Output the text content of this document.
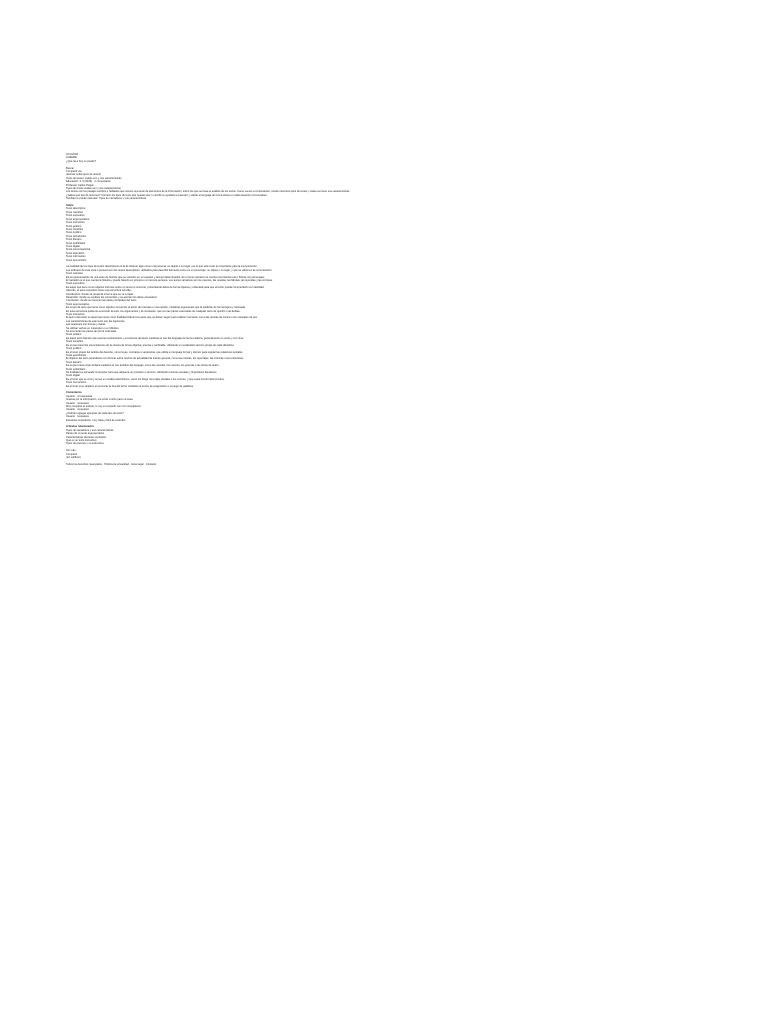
OCULTAR
sinREME
¿Qué tal a hoy no puede?
Buscar
Compartir via
(artículo sobre tipos de textos)
Tipos de textos: cuáles son y sus características
Educación. 4, 5 (2015) · 2 comentarios
Professor Carlos Pulgar...
Tipos de textos cuáles son y sus características
Los textos son los pasajes escritos o hablados que reúnen una serie de elementos de la información, sobre los que se basa el análisis de los textos. Como vemos a continuación, existen diversos tipos de textos y cada uno tiene sus características.
¿Sabes qué tipo de texto leo? Conocer los tipos de texto que puedes leer o escribir te ayudará a entender y utilizar el lenguaje de forma eficaz en cada situación comunicativa.
También te puede interesar: Tipos de narradores y sus características
Índice
Texto descriptivo
Texto narrativo
Texto expositivo
Texto argumentativo
Texto instructivo
Texto poético
Texto científico
Texto jurídico
Texto periodístico
Texto literario
Texto publicitario
Texto digital
Texto conversacional
Texto dramático
Texto informativo
Texto humorístico
La cualidad de los tipos de textos descriptivos es la de detener algo como una persona, un objeto o un lugar, por lo que este texto es importante para la comunicación.
Los atributos de esta cosa o persona son los textos descriptivos, utilizados para describir fielmente cómo es un personaje, un objeto o un lugar, y que se utiliza en la comunicación.
Texto narrativo
Es la representación de una serie de hechos que se suceden en un espacio y tiempo determinados. En el texto narrativo se cuenta una historia real o ficticia con personajes.
El narrador es el que cuenta la historia y puede hacerlo en primera o en tercera persona. Los textos narrativos son los cuentos, las novelas, las fábulas, las leyendas y las crónicas.
Texto expositivo
Es aquel que tiene como objetivo informar sobre un tema en concreto, presentando datos de forma objetiva y ordenada para que el lector pueda comprenderlo con facilidad.
Además, el texto expositivo tiene una estructura sencilla:
Introducción: donde se presenta el tema que se va a tratar.
Desarrollo: donde se explican los contenidos y se aportan los datos necesarios.
Conclusión: donde se resumen las ideas principales del texto.
Texto argumentativo
Es el tipo de texto que tiene como objetivo convencer al lector de una idea o una opinión, mediante argumentos que la justifican de forma lógica y razonada.
En esta estructura podemos encontrar la tesis, los argumentos y la conclusión, que son las partes esenciales de cualquier texto de opinión o de debate.
Texto instructivo
El texto instructivo es aquel que tiene como finalidad indicar los pasos que se deben seguir para realizar una tarea, como las recetas de cocina o los manuales de uso.
Las características de este texto son las siguientes:
Las oraciones son breves y claras.
Se utilizan verbos en imperativo o en infinitivo.
Se enumeran los pasos de forma ordenada.
Texto poético
Es aquel texto literario que expresa sentimientos y emociones del autor mediante el uso del lenguaje de forma estética, generalmente en verso y con rima.
Texto científico
Es el que transmite conocimientos de la ciencia de forma objetiva, precisa y verificable, utilizando un vocabulario técnico propio de cada disciplina.
Texto jurídico
Es el texto propio del ámbito del derecho, como leyes, contratos o sentencias, que utiliza un lenguaje formal y técnico para regular las relaciones sociales.
Texto periodístico
El objetivo del texto periodístico es informar sobre hechos de actualidad de interés general, como las noticias, los reportajes, las crónicas o las entrevistas.
Texto literario
Es el que busca crear belleza mediante el uso artístico del lenguaje, como las novelas, los cuentos, los poemas o las obras de teatro.
Texto publicitario
Su finalidad es persuadir al receptor para que adquiera un producto o servicio, utilizando recursos visuales y lingüísticos llamativos.
Texto digital
Es el texto que se crea y se lee en medios electrónicos, como los blogs, las redes sociales o los correos, y que suele incluir hipervínculos.
Texto humorístico
Es el texto cuyo objetivo es provocar la risa del lector mediante la ironía, la exageración o el juego de palabras.
Comentarios
Usuario · 4 respuestas
Gracias por la información, me sirvió mucho para mi tarea.
Usuario · respuesta
Muy completo el artículo, lo voy a compartir con mis compañeros.
Usuario · respuesta
¿Podrían agregar ejemplos de cada tipo de texto?
Usuario · respuesta
Excelente explicación, muy clara y fácil de entender.
Artículos relacionados
Tipos de narradores y sus características
Partes de un texto argumentativo
Características del texto expositivo
Qué es un texto instructivo
Tipos de poemas y su estructura
Ver más
Compartir
(sin calificar)
Todos los derechos reservados · Política de privacidad · Aviso legal · Contacto
